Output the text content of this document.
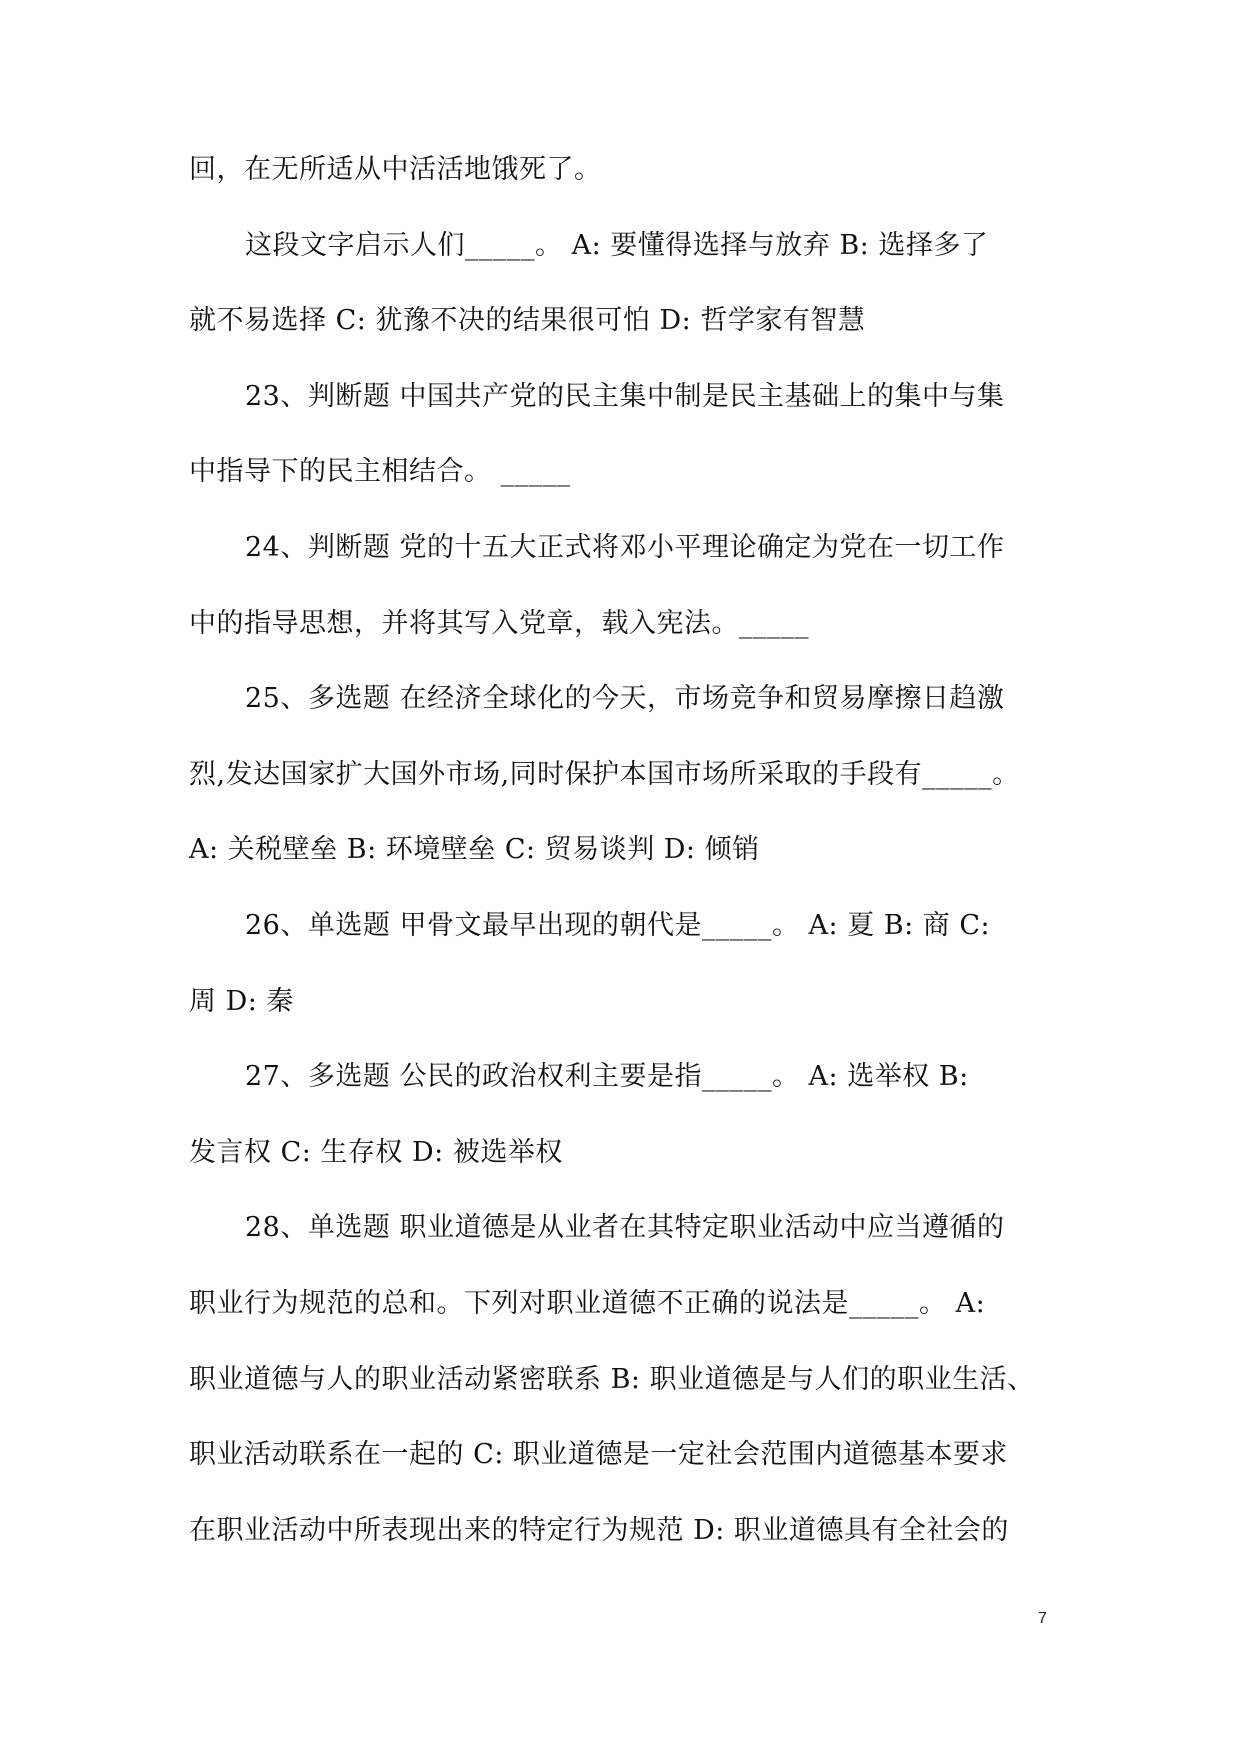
回，在无所适从中活活地饿死了。
这段文字启示人们_____。 A: 要懂得选择与放弃 B: 选择多了
就不易选择 C: 犹豫不决的结果很可怕 D: 哲学家有智慧
23、判断题 中国共产党的民主集中制是民主基础上的集中与集
中指导下的民主相结合。 _____
24、判断题 党的十五大正式将邓小平理论确定为党在一切工作
中的指导思想，并将其写入党章，载入宪法。_____
25、多选题 在经济全球化的今天，市场竞争和贸易摩擦日趋激
烈,发达国家扩大国外市场,同时保护本国市场所采取的手段有_____。
A: 关税壁垒 B: 环境壁垒 C: 贸易谈判 D: 倾销
26、单选题 甲骨文最早出现的朝代是_____。 A: 夏 B: 商 C:
周 D: 秦
27、多选题 公民的政治权利主要是指_____。 A: 选举权 B:
发言权 C: 生存权 D: 被选举权
28、单选题 职业道德是从业者在其特定职业活动中应当遵循的
职业行为规范的总和。下列对职业道德不正确的说法是_____。 A:
职业道德与人的职业活动紧密联系 B: 职业道德是与人们的职业生活、
职业活动联系在一起的 C: 职业道德是一定社会范围内道德基本要求
在职业活动中所表现出来的特定行为规范 D: 职业道德具有全社会的
7
